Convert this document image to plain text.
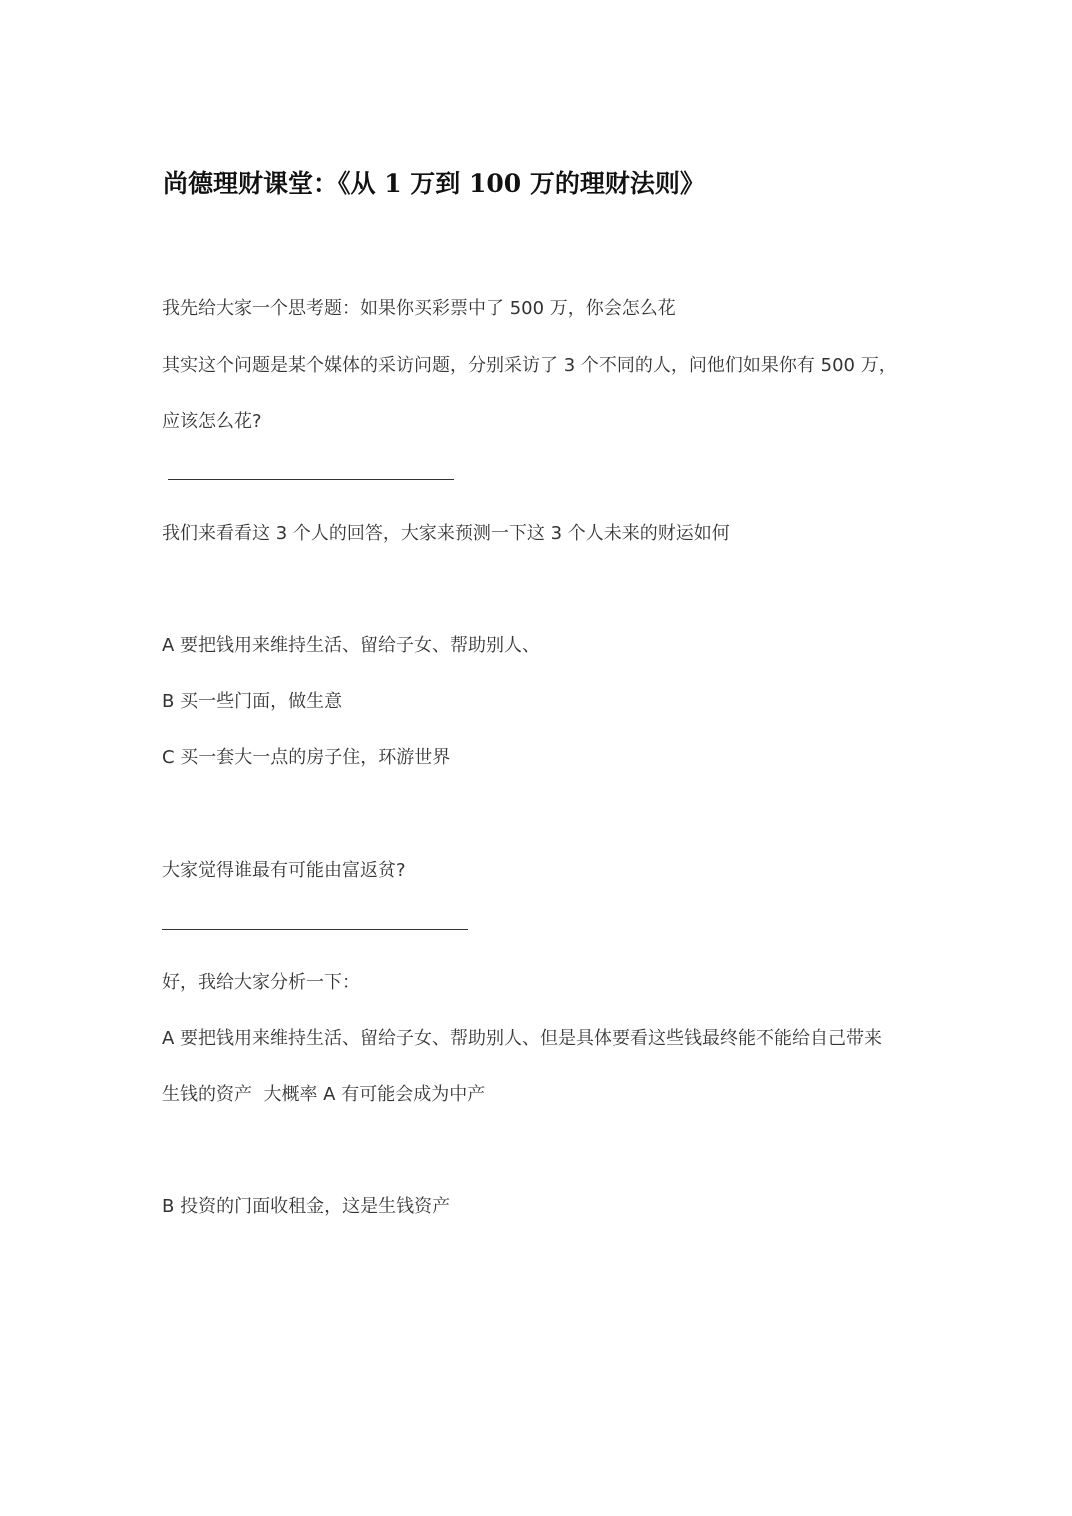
尚德理财课堂：《从 1 万到 100 万的理财法则》
我先给大家一个思考题：如果你买彩票中了 500 万，你会怎么花
其实这个问题是某个媒体的采访问题，分别采访了 3 个不同的人，问他们如果你有 500 万，
应该怎么花?
我们来看看这 3 个人的回答，大家来预测一下这 3 个人未来的财运如何
A 要把钱用来维持生活、留给子女、帮助别人、
B 买一些门面，做生意
C 买一套大一点的房子住，环游世界
大家觉得谁最有可能由富返贫?
好，我给大家分析一下：
A 要把钱用来维持生活、留给子女、帮助别人、但是具体要看这些钱最终能不能给自己带来
生钱的资产  大概率 A 有可能会成为中产
B 投资的门面收租金，这是生钱资产
